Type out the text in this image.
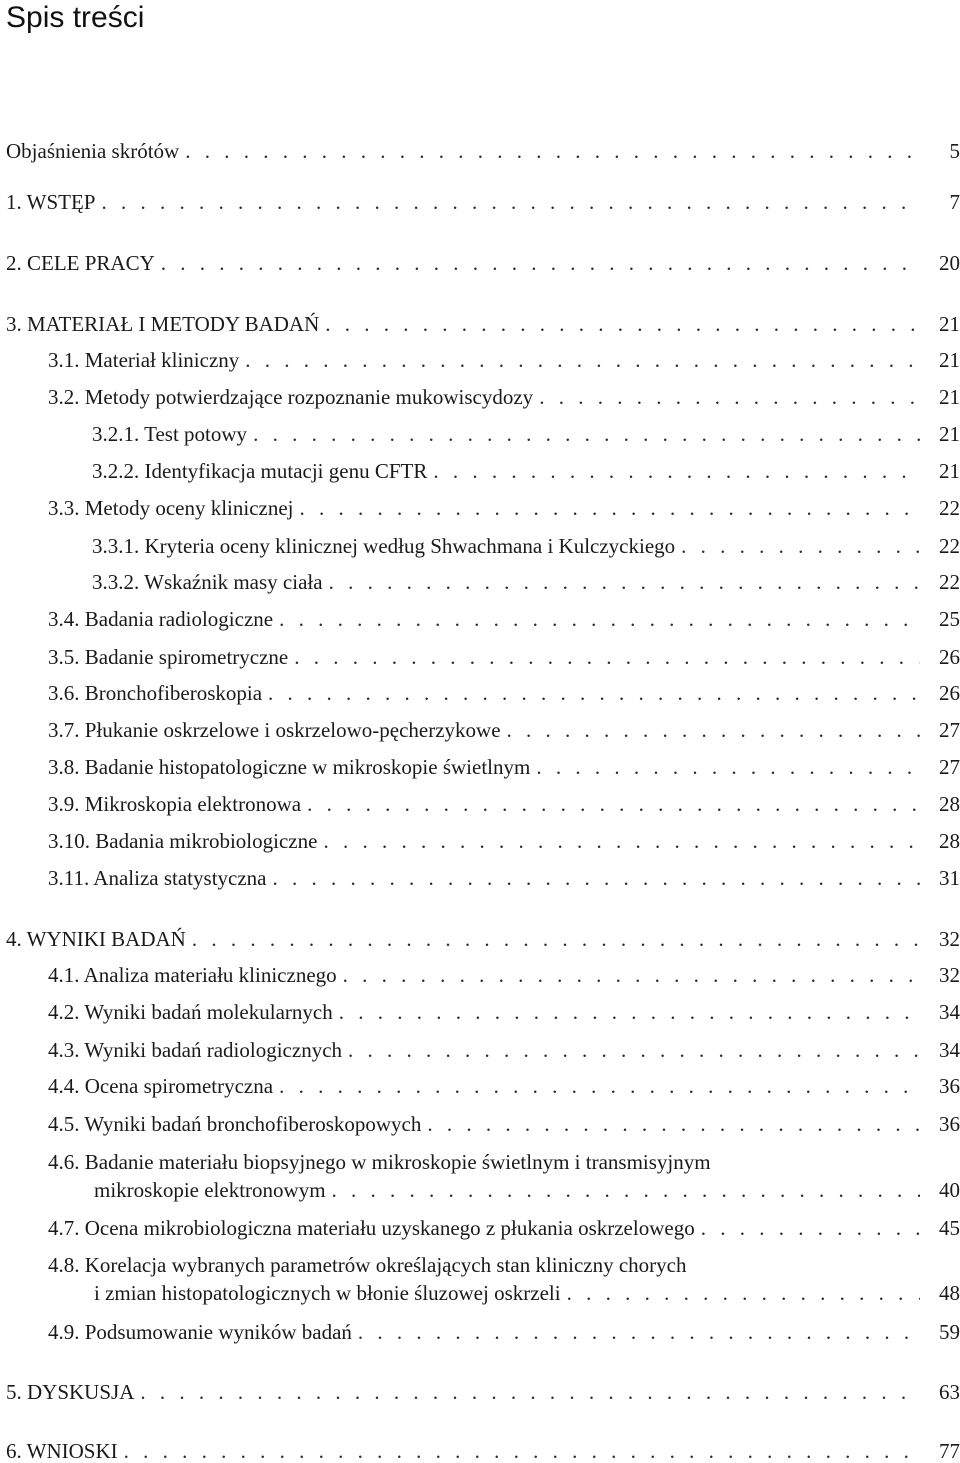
Spis treści
Objaśnienia skrótów . . .	5
1. WSTĘP . . .	7
2. CELE PRACY . . .	20
3. MATERIAŁ I METODY BADAŃ . . .	21
3.1. Materiał kliniczny . . .	21
3.2. Metody potwierdzające rozpoznanie mukowiscydozy . . .	21
3.2.1. Test potowy . . .	21
3.2.2. Identyfikacja mutacji genu CFTR . . .	21
3.3. Metody oceny klinicznej . . .	22
3.3.1. Kryteria oceny klinicznej według Shwachmana i Kulczyckiego . . .	22
3.3.2. Wskaźnik masy ciała . . .	22
3.4. Badania radiologiczne . . .	25
3.5. Badanie spirometryczne . . .	26
3.6. Bronchofiberoskopia . . .	26
3.7. Płukanie oskrzelowe i oskrzelowo-pęcherzykowe . . .	27
3.8. Badanie histopatologiczne w mikroskopie świetlnym . . .	27
3.9. Mikroskopia elektronowa . . .	28
3.10. Badania mikrobiologiczne . . .	28
3.11. Analiza statystyczna . . .	31
4. WYNIKI BADAŃ . . .	32
4.1. Analiza materiału klinicznego . . .	32
4.2. Wyniki badań molekularnych . . .	34
4.3. Wyniki badań radiologicznych . . .	34
4.4. Ocena spirometryczna . . .	36
4.5. Wyniki badań bronchofiberoskopowych . . .	36
4.6. Badanie materiału biopsyjnego w mikroskopie świetlnym i transmisyjnym
mikroskopie elektronowym . . .	40
4.7. Ocena mikrobiologiczna materiału uzyskanego z płukania oskrzelowego . . .	45
4.8. Korelacja wybranych parametrów określających stan kliniczny chorych
i zmian histopatologicznych w błonie śluzowej oskrzeli . . .	48
4.9. Podsumowanie wyników badań . . .	59
5. DYSKUSJA . . .	63
6. WNIOSKI . . .	77
